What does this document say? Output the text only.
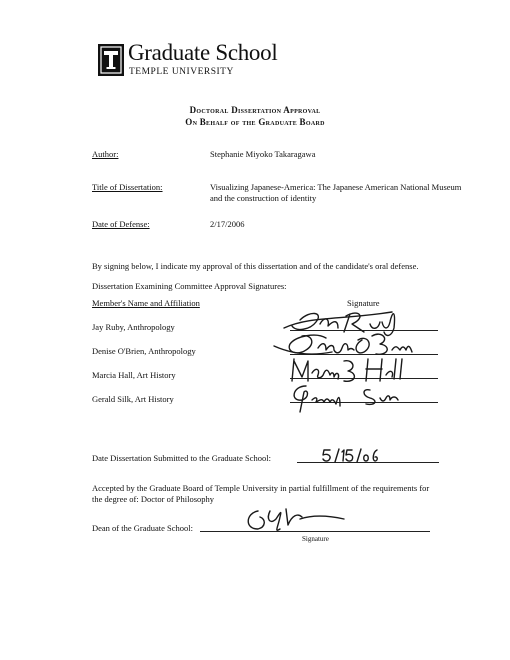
Graduate School
TEMPLE UNIVERSITY
Doctoral Dissertation Approval
On Behalf of the Graduate Board
Author:	Stephanie Miyoko Takaragawa
Title of Dissertation:	Visualizing Japanese-America: The Japanese American National Museum
and the construction of identity
Date of Defense:	2/17/2006
By signing below, I indicate my approval of this dissertation and of the candidate's oral defense.
Dissertation Examining Committee Approval Signatures:
Member's Name and Affiliation	Signature
Jay Ruby, Anthropology
Denise O'Brien, Anthropology
Marcia Hall, Art History
Gerald Silk, Art History
Date Dissertation Submitted to the Graduate School:
Accepted by the Graduate Board of Temple University in partial fulfillment of the requirements for
the degree of: Doctor of Philosophy
Dean of the Graduate School:
Signature
